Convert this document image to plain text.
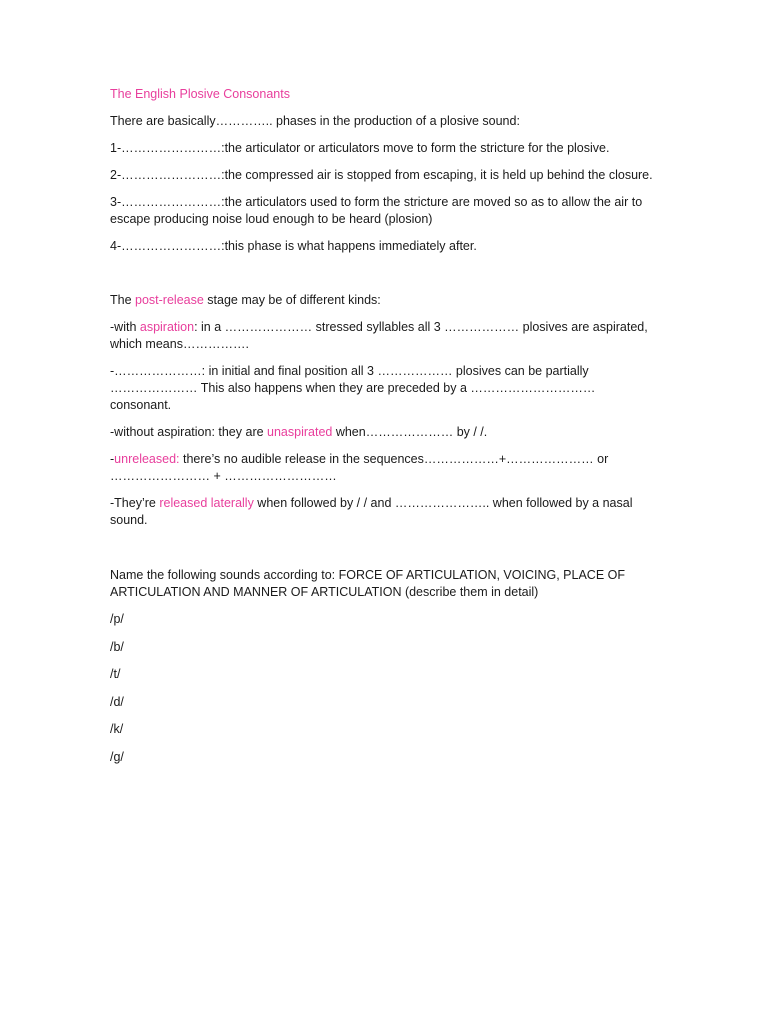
The English Plosive Consonants

There are basically………….. phases in the production of a plosive sound:

1-……………………:the articulator or articulators move to form the stricture for the plosive.

2-……………………:the compressed air is stopped from escaping, it is held up behind the closure.

3-……………………:the articulators used to form the stricture are moved so as to allow the air to escape producing noise loud enough to be heard (plosion)

4-……………………:this phase is what happens immediately after.

The post-release stage may be of different kinds:

-with aspiration: in a ………………… stressed syllables all 3 ……………… plosives are aspirated, which means…………….

-…………………: in initial and final position all 3 ……………… plosives can be partially ………………… This also happens when they are preceded by a ………………………… consonant.

-without aspiration: they are unaspirated when………………… by / /.

-unreleased: there’s no audible release in the sequences………………+………………… or …………………… + ………………………

-They’re released laterally when followed by / / and ………………….. when followed by a nasal sound.

Name the following sounds according to: FORCE OF ARTICULATION, VOICING, PLACE OF ARTICULATION AND MANNER OF ARTICULATION (describe them in detail)

/p/

/b/

/t/

/d/

/k/

/g/
